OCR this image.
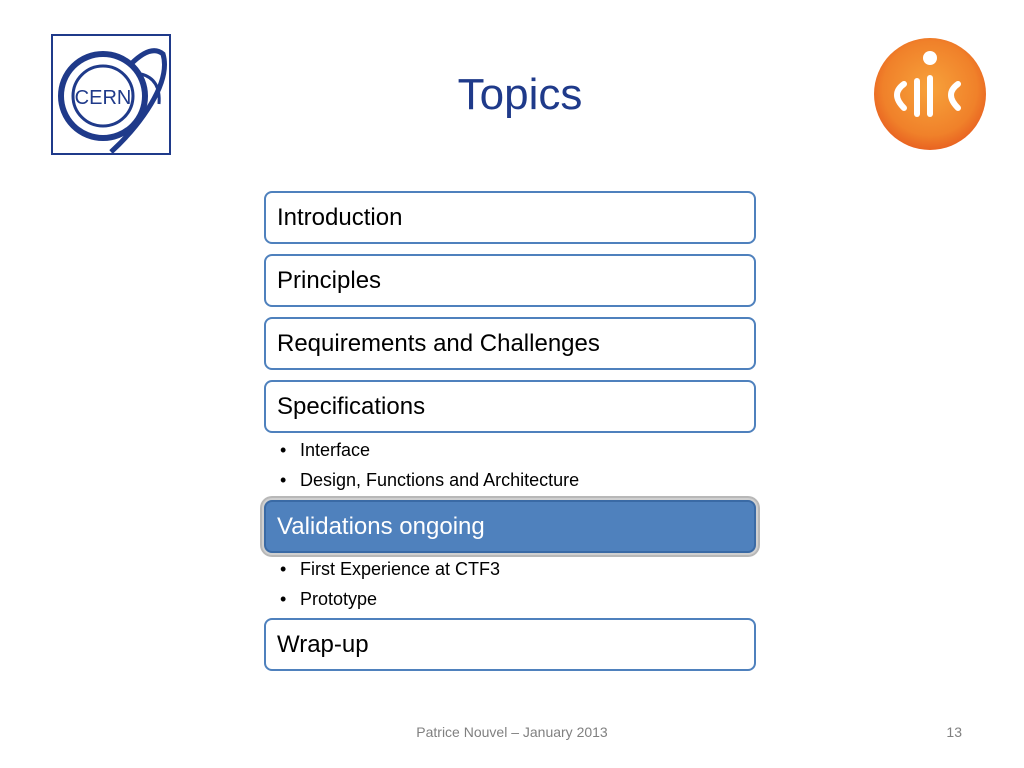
CERN	Topics
Introduction
Principles
Requirements and Challenges
Specifications
• Interface
• Design, Functions and Architecture
Validations ongoing
• First Experience at CTF3
• Prototype
Wrap-up
Patrice Nouvel – January 2013	13
